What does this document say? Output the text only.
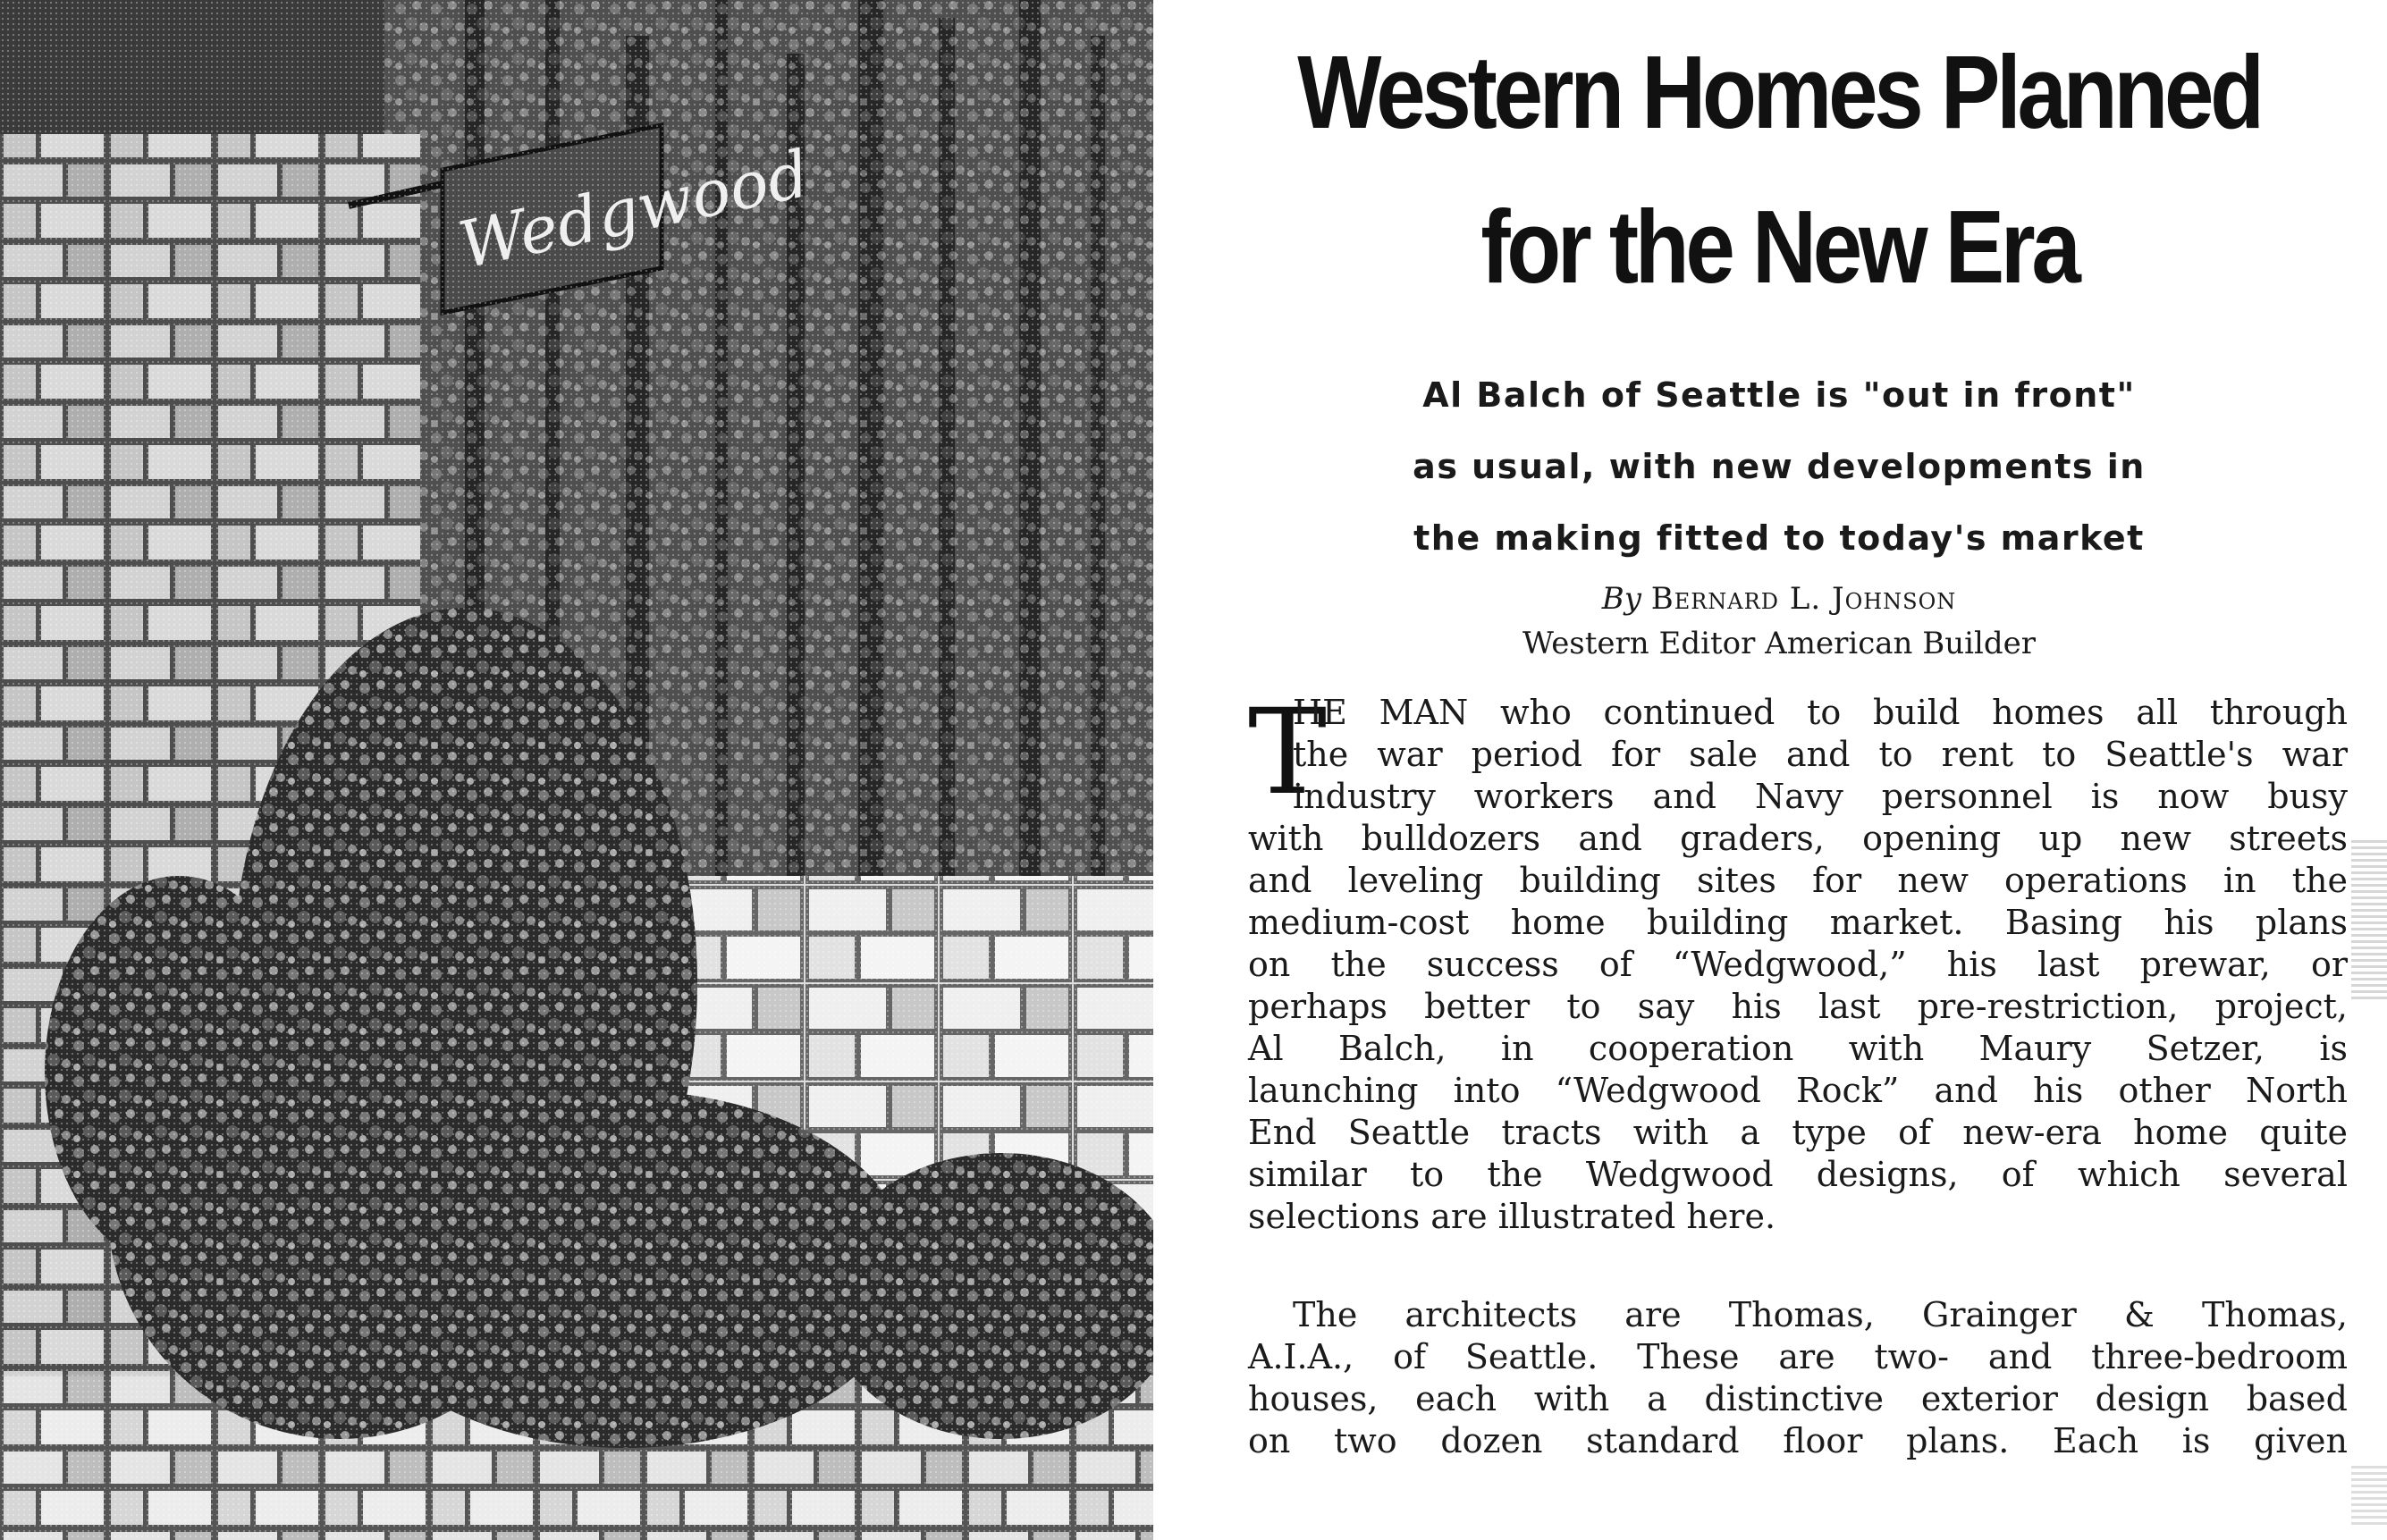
Western Homes Planned
for the New Era
Al Balch of Seattle is "out in front"
as usual, with new developments in
the making fitted to today's market
By Bernard L. Johnson
Western Editor American Builder
T
HE MAN who continued to build homes all through
the war period for sale and to rent to Seattle's war
industry workers and Navy personnel is now busy
with bulldozers and graders, opening up new streets
and leveling building sites for new operations in the
medium-cost home building market. Basing his plans
on the success of “Wedgwood,” his last prewar, or
perhaps better to say his last pre-restriction, project,
Al Balch, in cooperation with Maury Setzer, is
launching into “Wedgwood Rock” and his other North
End Seattle tracts with a type of new-era home quite
similar to the Wedgwood designs, of which several
selections are illustrated here.
The architects are Thomas, Grainger & Thomas,
A.I.A., of Seattle. These are two- and three-bedroom
houses, each with a distinctive exterior design based
on two dozen standard floor plans. Each is given
